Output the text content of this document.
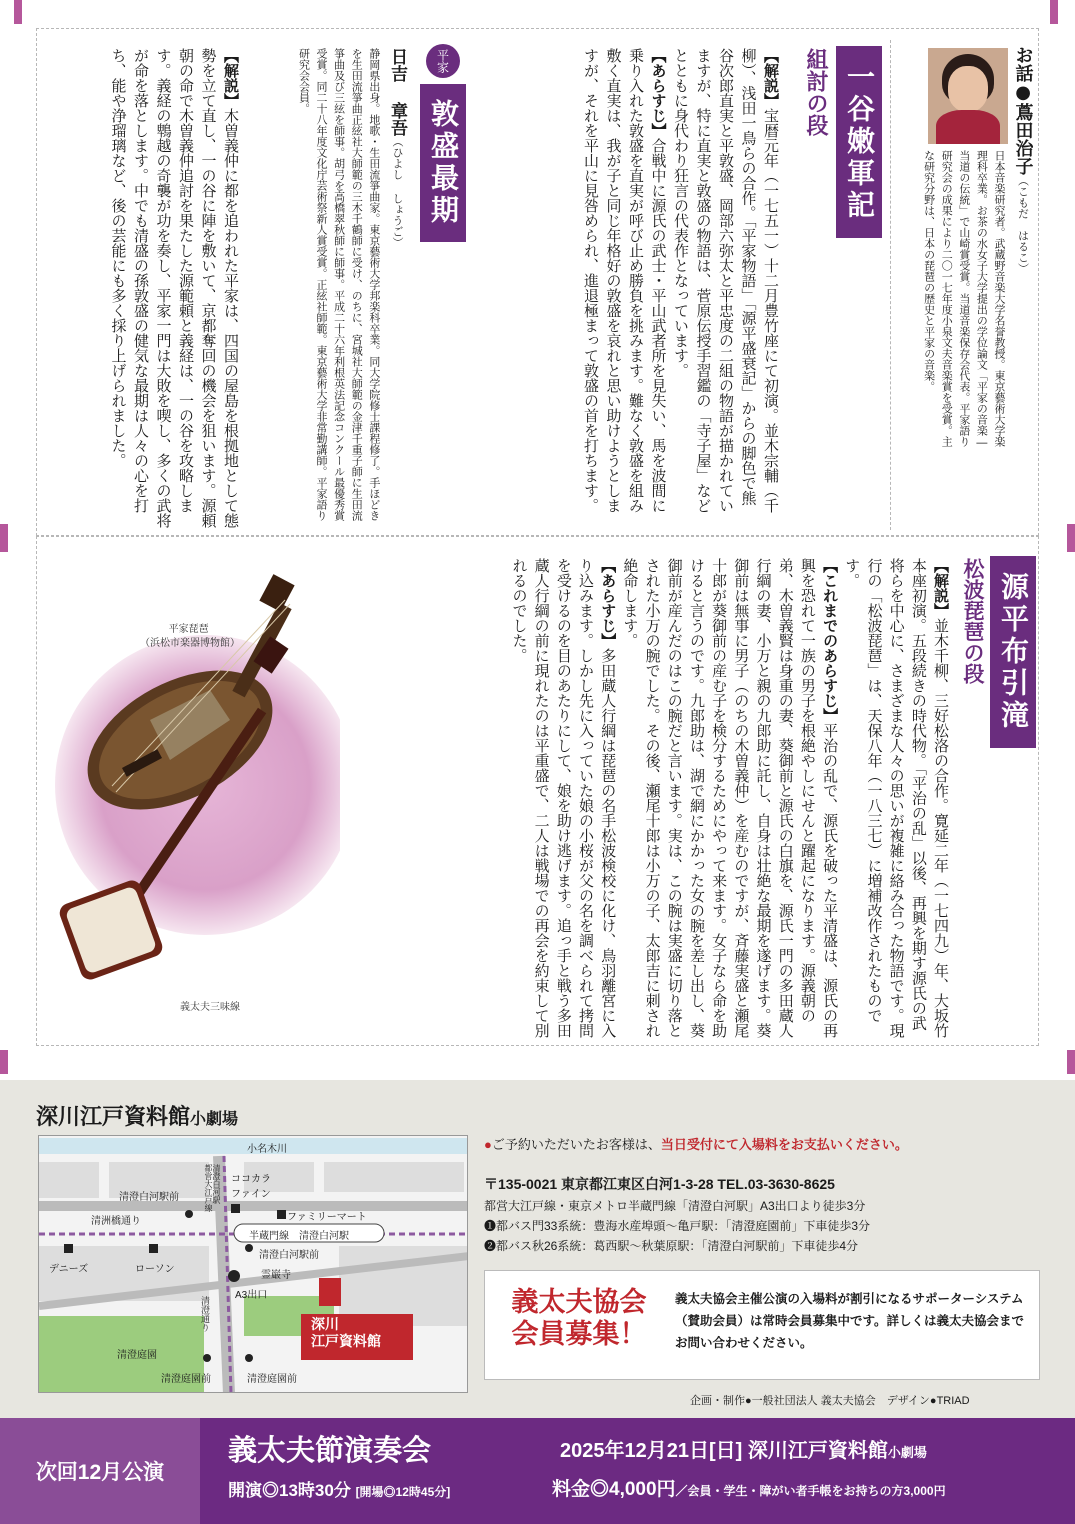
お話●蔦田治子（こもだ　はるこ）

日本音楽研究者。武蔵野音楽大学名誉教授。東京藝術大学楽理科卒業。お茶の水女子大学提出の学位論文「平家の音楽―当道の伝統」で山崎賞受賞。当道音楽保存会代表。平家語り研究会の成果により二〇一七年度小泉文夫音楽賞を受賞。主な研究分野は、日本の琵琶の歴史と平家の音楽。

一谷嫩軍記
組討の段
【解説】宝暦元年（一七五一）十二月豊竹座にて初演。並木宗輔（千柳）、浅田一鳥らの合作。「平家物語」「源平盛衰記」からの脚色で熊谷次郎直実と平敦盛、岡部六弥太と平忠度の二組の物語が描かれていますが、特に直実と敦盛の物語は、菅原伝授手習鑑の「寺子屋」などとともに身代わり狂言の代表作となっています。
【あらすじ】合戦中に源氏の武士・平山武者所を見失い、馬を波間に乗り入れた敦盛を直実が呼び止め勝負を挑みます。難なく敦盛を組み敷く直実は、我が子と同じ年格好の敦盛を哀れと思い助けようとしますが、それを平山に見咎められ、進退極まって敦盛の首を打ちます。
平家
敦盛最期
日吉 章吾（ひよし しょうご）
静岡県出身。地歌・生田流箏曲家。東京藝術大学邦楽科卒業。同大学院修士課程修了。手ほどきを生田流箏曲正絃社大師範の三木千鶴師に受け、のちに、宮城社大師範の金津千重子師に生田流箏曲及び三絃を師事。胡弓を高橋翠秋師に師事。平成二十六年利根英法記念コンクール最優秀賞受賞。同二十八年度文化庁芸術祭新人賞受賞。正絃社師範。東京藝術大学非常勤講師。平家語り研究会会員。
【解説】木曽義仲に都を追われた平家は、四国の屋島を根拠地として態勢を立て直し、一の谷に陣を敷いて、京都奪回の機会を狙います。源頼朝の命で木曽義仲追討を果たした源範頼と義経は、一の谷を攻略します。義経の鵯越の奇襲が功を奏し、平家一門は大敗を喫し、多くの武将が命を落とします。中でも清盛の孫敦盛の健気な最期は人々の心を打ち、能や浄瑠璃など、後の芸能にも多く採り上げられました。
源平布引滝
松波琵琶の段
【解説】並木千柳、三好松洛の合作。寛延二年（一七四九）年、大坂竹本座初演。五段続きの時代物。「平治の乱」以後、再興を期す源氏の武将らを中心に、さまざまな人々の思いが複雑に絡み合った物語です。現行の「松波琵琶」は、天保八年（一八三七）に増補改作されたものです。
【これまでのあらすじ】平治の乱で、源氏を破った平清盛は、源氏の再興を恐れて一族の男子を根絶やしにせんと躍起になります。源義朝の弟、木曽義賢は身重の妻、葵御前と源氏の白旗を、源氏一門の多田蔵人行綱の妻、小万と親の九郎助に託し、自身は壮絶な最期を遂げます。葵御前は無事に男子（のちの木曽義仲）を産むのですが、斉藤実盛と瀬尾十郎が葵御前の産む子を検分するためにやって来ます。女子なら命を助けると言うのです。九郎助は、湖で網にかかった女の腕を差し出し、葵御前が産んだのはこの腕だと言います。実は、この腕は実盛に切り落とされた小万の腕でした。その後、瀬尾十郎は小万の子、太郎吉に刺され絶命します。
【あらすじ】多田蔵人行綱は琵琶の名手松波検校に化け、鳥羽離宮に入り込みます。しかし先に入っていた娘の小桜が父の名を調べられて拷問を受けるのを目のあたりにして、娘を助け逃げます。追っ手と戦う多田蔵人行綱の前に現れたのは平重盛で、二人は戦場での再会を約束して別れるのでした。
平家琵琶 （浜松市楽器博物館）
義太夫三味線
深川江戸資料館小劇場
小名木川
清洲橋通り
清澄白河駅前	都営大江戸線 清澄白河駅 ココカラ
ファイン
ファミリーマート
半蔵門線　清澄白河駅
清澄白河駅前
デニーズ	ローソン
霊巌寺
A3出口
清澄通り
清澄庭園
清澄庭園前	清澄庭園前
深川
江戸資料館
●ご予約いただいたお客様は、当日受付にて入場料をお支払いください。
〒135-0021 東京都江東区白河1-3-28 TEL.03-3630-8625
都営大江戸線・東京メトロ半蔵門線「清澄白河駅」A3出口より徒歩3分
❶都バス門33系統：豊海水産埠頭〜亀戸駅：「清澄庭園前」下車徒歩3分
❷都バス秋26系統：葛西駅〜秋葉原駅：「清澄白河駅前」下車徒歩4分
義太夫協会
会員募集！
義太夫協会主催公演の入場料が割引になるサポーターシステム（賛助会員）は常時会員募集中です。詳しくは義太夫協会までお問い合わせください。
企画・制作●一般社団法人 義太夫協会　デザイン●TRIAD
次回12月公演
義太夫節演奏会	2025年12月21日[日] 深川江戸資料館小劇場
開演◎13時30分 [開場◎12時45分]	料金◎4,000円／会員・学生・障がい者手帳をお持ちの方3,000円
